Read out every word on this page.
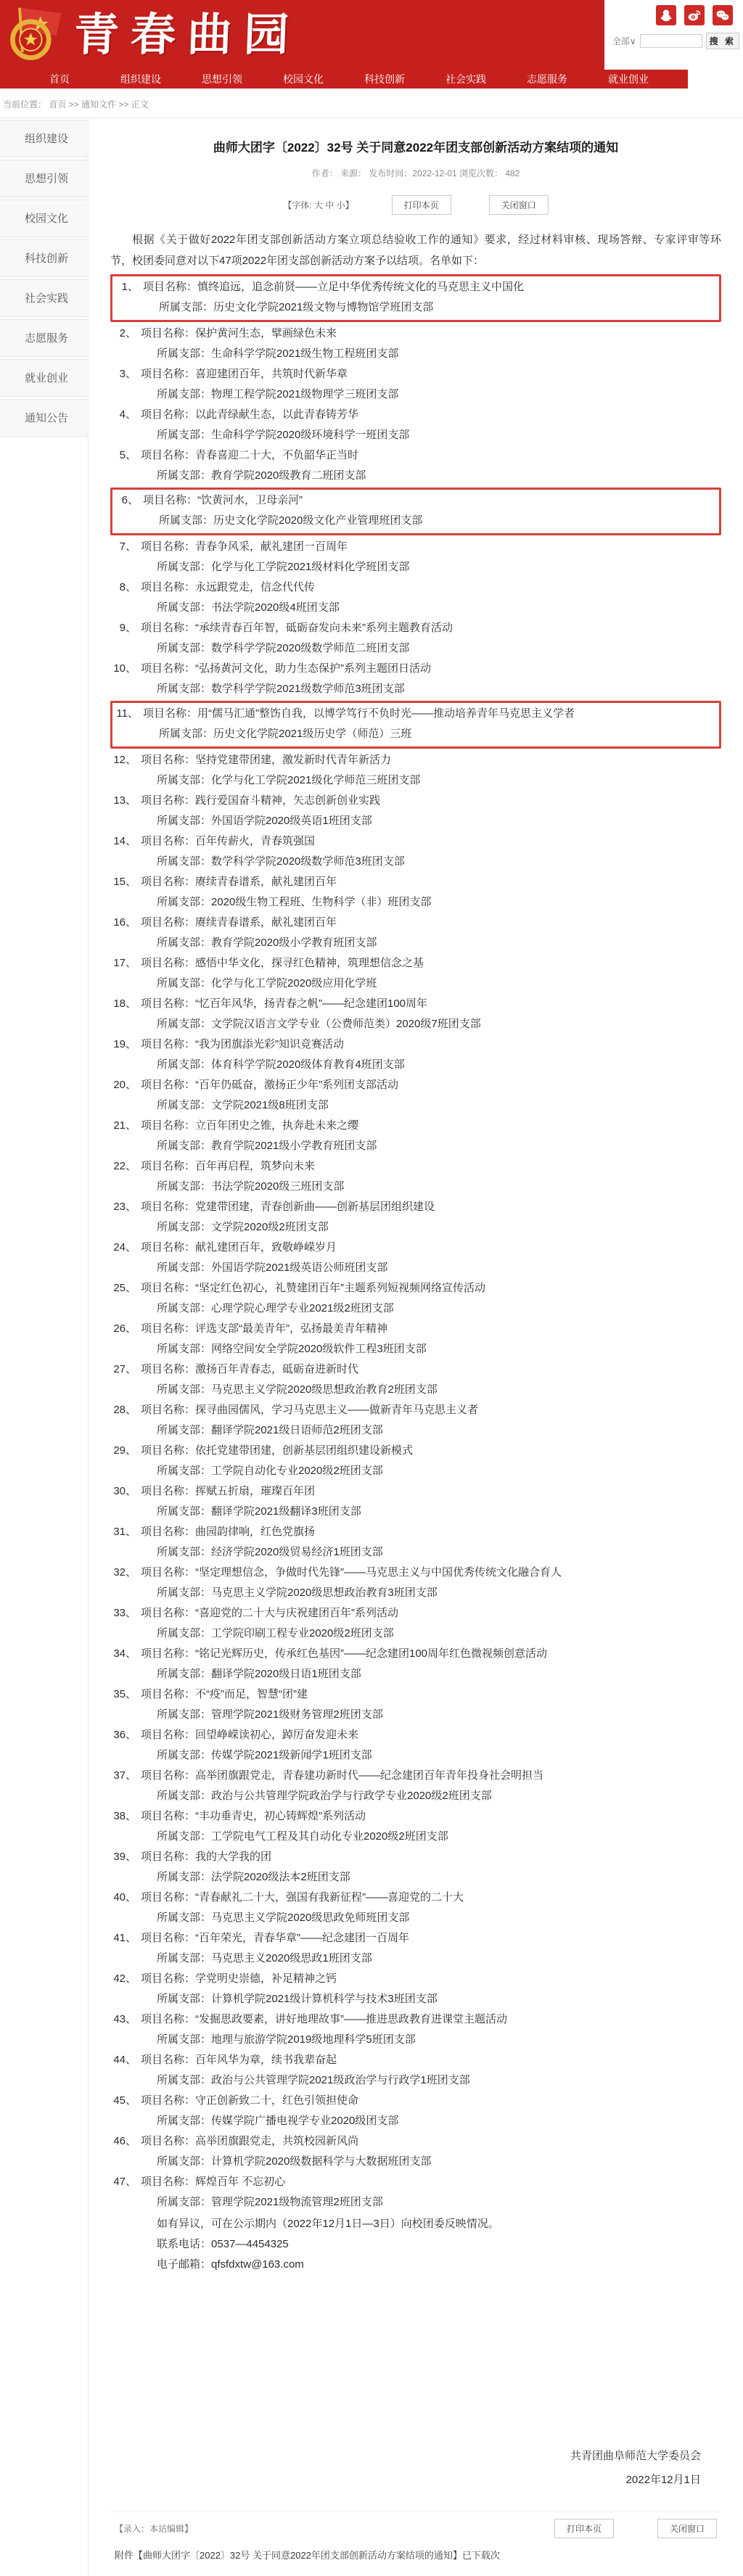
青春曲园	全部∨	搜 索
首页	组织建设	思想引领	校园文化	科技创新	社会实践	志愿服务	就业创业
当前位置： 首页 >> 通知文件 >> 正文
组织建设
思想引领
校园文化
科技创新
社会实践
志愿服务
就业创业
通知公告
曲师大团字〔2022〕32号 关于同意2022年团支部创新活动方案结项的通知
作者： 来源： 发布时间：2022-12-01 浏览次数： 482
【字体: 大 中 小】	打印本页	关闭窗口
根据《关于做好2022年团支部创新活动方案立项总结验收工作的通知》要求，经过材料审核、现场答辩、专家评审等环节，校团委同意对以下47项2022年团支部创新活动方案予以结项。名单如下：
1、 项目名称：慎终追远，追念前贤——立足中华优秀传统文化的马克思主义中国化
所属支部：历史文化学院2021级文物与博物馆学班团支部
2、 项目名称：保护黄河生态，擘画绿色未来
所属支部：生命科学学院2021级生物工程班团支部
3、 项目名称：喜迎建团百年，共筑时代新华章
所属支部：物理工程学院2021级物理学三班团支部
4、 项目名称：以此青绿献生态，以此青春铸芳华
所属支部：生命科学学院2020级环境科学一班团支部
5、 项目名称：青春喜迎二十大，不负韶华正当时
所属支部：教育学院2020级教育二班团支部
6、 项目名称：“饮黄河水，卫母亲河”
所属支部：历史文化学院2020级文化产业管理班团支部
7、 项目名称：青春争风采，献礼建团一百周年
所属支部：化学与化工学院2021级材料化学班团支部
8、 项目名称：永远跟党走，信念代代传
所属支部：书法学院2020级4班团支部
9、 项目名称：“承续青春百年智，砥砺奋发向未来”系列主题教育活动
所属支部：数学科学学院2020级数学师范二班团支部
10、 项目名称：“弘扬黄河文化，助力生态保护”系列主题团日活动
所属支部：数学科学学院2021级数学师范3班团支部
11、 项目名称：用“儒马汇通”整饬自我，以博学笃行不负时光——推动培养青年马克思主义学者
所属支部：历史文化学院2021级历史学（师范）三班
12、 项目名称：坚持党建带团建，激发新时代青年新活力
所属支部：化学与化工学院2021级化学师范三班团支部
13、 项目名称：践行爱国奋斗精神，矢志创新创业实践
所属支部：外国语学院2020级英语1班团支部
14、 项目名称：百年传薪火，青春筑强国
所属支部：数学科学学院2020级数学师范3班团支部
15、 项目名称：赓续青春谱系，献礼建团百年
所属支部：2020级生物工程班、生物科学（非）班团支部
16、 项目名称：赓续青春谱系，献礼建团百年
所属支部：教育学院2020级小学教育班团支部
17、 项目名称：感悟中华文化，探寻红色精神，筑理想信念之基
所属支部：化学与化工学院2020级应用化学班
18、 项目名称：“忆百年风华，扬青春之帆”——纪念建团100周年
所属支部：文学院汉语言文学专业（公费师范类）2020级7班团支部
19、 项目名称：“我为团旗添光彩”知识竞赛活动
所属支部：体育科学学院2020级体育教育4班团支部
20、 项目名称：“百年仍砥奋，激扬正少年”系列团支部活动
所属支部：文学院2021级8班团支部
21、 项目名称：立百年团史之锥，执奔赴未来之缨
所属支部：教育学院2021级小学教育班团支部
22、 项目名称：百年再启程，筑梦向未来
所属支部：书法学院2020级三班团支部
23、 项目名称：党建带团建，青春创新曲——创新基层团组织建设
所属支部：文学院2020级2班团支部
24、 项目名称：献礼建团百年，致敬峥嵘岁月
所属支部：外国语学院2021级英语公师班团支部
25、 项目名称：“坚定红色初心，礼赞建团百年”主题系列短视频网络宣传活动
所属支部：心理学院心理学专业2021级2班团支部
26、 项目名称：评选支部“最美青年”，弘扬最美青年精神
所属支部：网络空间安全学院2020级软件工程3班团支部
27、 项目名称：激扬百年青春志，砥砺奋进新时代
所属支部：马克思主义学院2020级思想政治教育2班团支部
28、 项目名称：探寻曲园儒风，学习马克思主义——做新青年马克思主义者
所属支部：翻译学院2021级日语师范2班团支部
29、 项目名称：依托党建带团建，创新基层团组织建设新模式
所属支部：工学院自动化专业2020级2班团支部
30、 项目名称：挥赋五折扇，璀璨百年团
所属支部：翻译学院2021级翻译3班团支部
31、 项目名称：曲园韵律响，红色党旗扬
所属支部：经济学院2020级贸易经济1班团支部
32、 项目名称：“坚定理想信念，争做时代先锋”——马克思主义与中国优秀传统文化融合育人
所属支部：马克思主义学院2020级思想政治教育3班团支部
33、 项目名称：“喜迎党的二十大与庆祝建团百年”系列活动
所属支部：工学院印刷工程专业2020级2班团支部
34、 项目名称：“铭记光辉历史，传承红色基因”——纪念建团100周年红色微视频创意活动
所属支部：翻译学院2020级日语1班团支部
35、 项目名称：不“疫”而足，智慧“团”建
所属支部：管理学院2021级财务管理2班团支部
36、 项目名称：回望峥嵘读初心，踔厉奋发迎未来
所属支部：传媒学院2021级新闻学1班团支部
37、 项目名称：高举团旗跟党走，青春建功新时代——纪念建团百年青年投身社会明担当
所属支部：政治与公共管理学院政治学与行政学专业2020级2班团支部
38、 项目名称：“丰功垂青史，初心铸辉煌”系列活动
所属支部：工学院电气工程及其自动化专业2020级2班团支部
39、 项目名称：我的大学我的团
所属支部：法学院2020级法本2班团支部
40、 项目名称：“青春献礼二十大，强国有我新征程”——喜迎党的二十大
所属支部：马克思主义学院2020级思政免师班团支部
41、 项目名称：“百年荣光，青春华章”——纪念建团一百周年
所属支部：马克思主义2020级思政1班团支部
42、 项目名称：学党明史崇德，补足精神之钙
所属支部：计算机学院2021级计算机科学与技术3班团支部
43、 项目名称：“发掘思政要素，讲好地理故事”——推进思政教育进课堂主题活动
所属支部：地理与旅游学院2019级地理科学5班团支部
44、 项目名称：百年风华为章，续书我辈奋起
所属支部：政治与公共管理学院2021级政治学与行政学1班团支部
45、 项目名称：守正创新致二十，红色引领担使命
所属支部：传媒学院广播电视学专业2020级团支部
46、 项目名称：高举团旗跟党走，共筑校园新风尚
所属支部：计算机学院2020级数据科学与大数据班团支部
47、 项目名称：辉煌百年 不忘初心
所属支部：管理学院2021级物流管理2班团支部
如有异议，可在公示期内（2022年12月1日—3日）向校团委反映情况。
联系电话：0537—4454325
电子邮箱：qfsfdxtw@163.com
共青团曲阜师范大学委员会
2022年12月1日
【录入：本站编辑】	打印本页	关闭窗口
附件【曲师大团字〔2022〕32号 关于同意2022年团支部创新活动方案结项的通知】已下载次
